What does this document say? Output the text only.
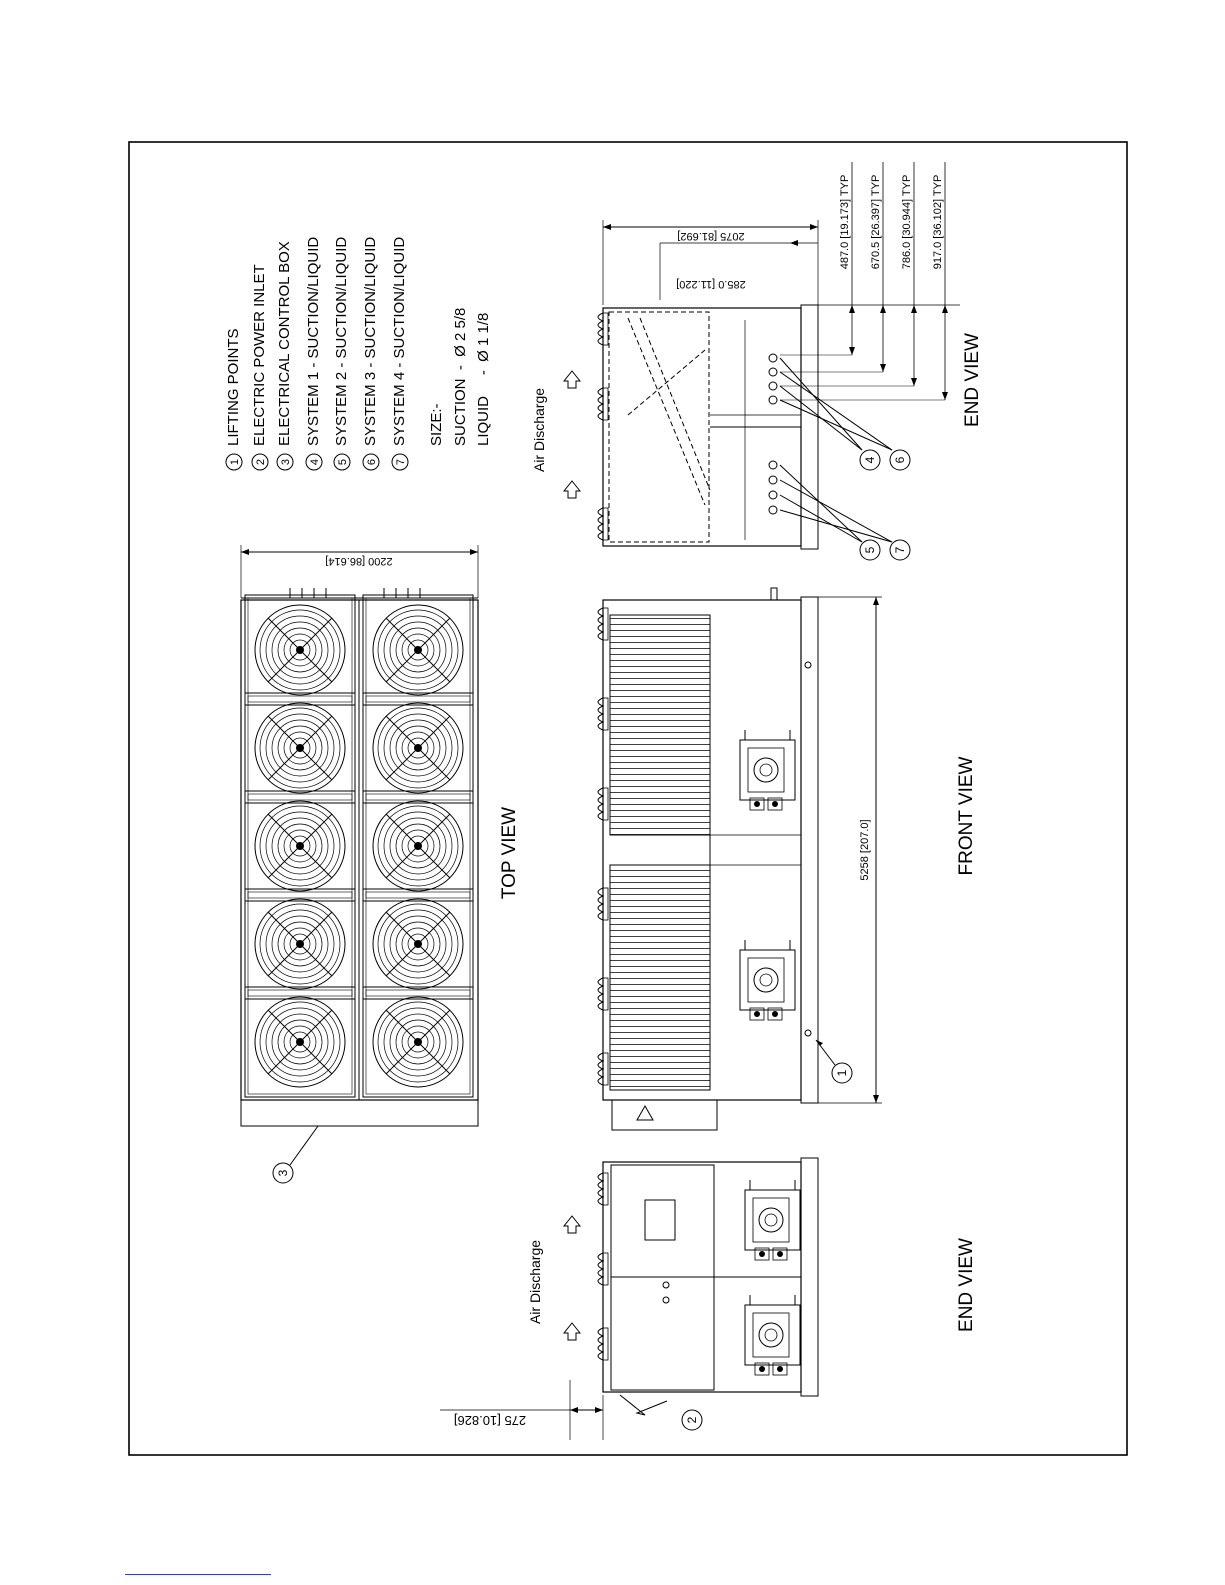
1
LIFTING POINTS
2
ELECTRIC POWER INLET
3
ELECTRICAL CONTROL BOX
4
SYSTEM 1 - SUCTION/LIQUID
5
SYSTEM 2 - SUCTION/LIQUID
6
SYSTEM 3 - SUCTION/LIQUID
7
SYSTEM 4 - SUCTION/LIQUID SIZE:- SUCTION  -  Ø 2 5/8 LIQUID     -  Ø 1 1/8
2200 [86.614]
TOP VIEW
3
5258 [207.0]	FRONT VIEW
1
Air Discharge
2075 [81.692]
285.0 [11.220]
487.0 [19.173] TYP 670.5 [26.397] TYP 786.0 [30.944] TYP 917.0 [36.102] TYP
END VIEW
4 6
5 7
Air Discharge
275 [10.826]
END VIEW
2
